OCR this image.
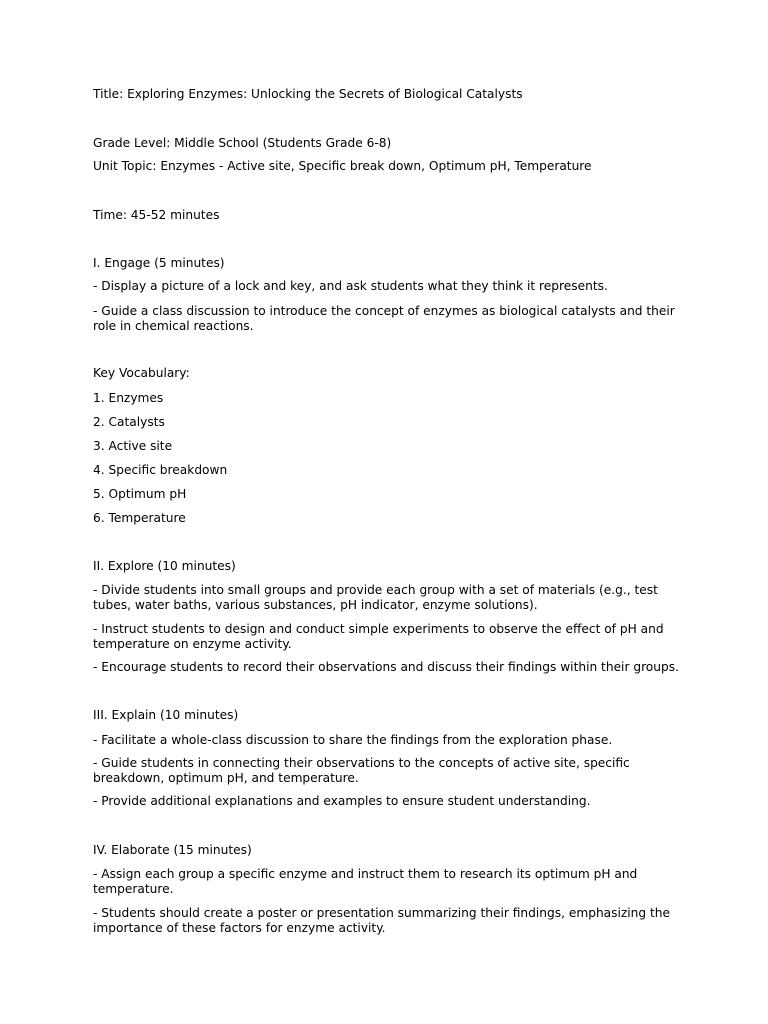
Title: Exploring Enzymes: Unlocking the Secrets of Biological Catalysts
Grade Level: Middle School (Students Grade 6-8)
Unit Topic: Enzymes - Active site, Specific break down, Optimum pH, Temperature
Time: 45-52 minutes
I. Engage (5 minutes)
- Display a picture of a lock and key, and ask students what they think it represents.
- Guide a class discussion to introduce the concept of enzymes as biological catalysts and their role in chemical reactions.
Key Vocabulary:
1. Enzymes
2. Catalysts
3. Active site
4. Specific breakdown
5. Optimum pH
6. Temperature
II. Explore (10 minutes)
- Divide students into small groups and provide each group with a set of materials (e.g., test tubes, water baths, various substances, pH indicator, enzyme solutions).
- Instruct students to design and conduct simple experiments to observe the effect of pH and temperature on enzyme activity.
- Encourage students to record their observations and discuss their findings within their groups.
III. Explain (10 minutes)
- Facilitate a whole-class discussion to share the findings from the exploration phase.
- Guide students in connecting their observations to the concepts of active site, specific breakdown, optimum pH, and temperature.
- Provide additional explanations and examples to ensure student understanding.
IV. Elaborate (15 minutes)
- Assign each group a specific enzyme and instruct them to research its optimum pH and temperature.
- Students should create a poster or presentation summarizing their findings, emphasizing the importance of these factors for enzyme activity.
